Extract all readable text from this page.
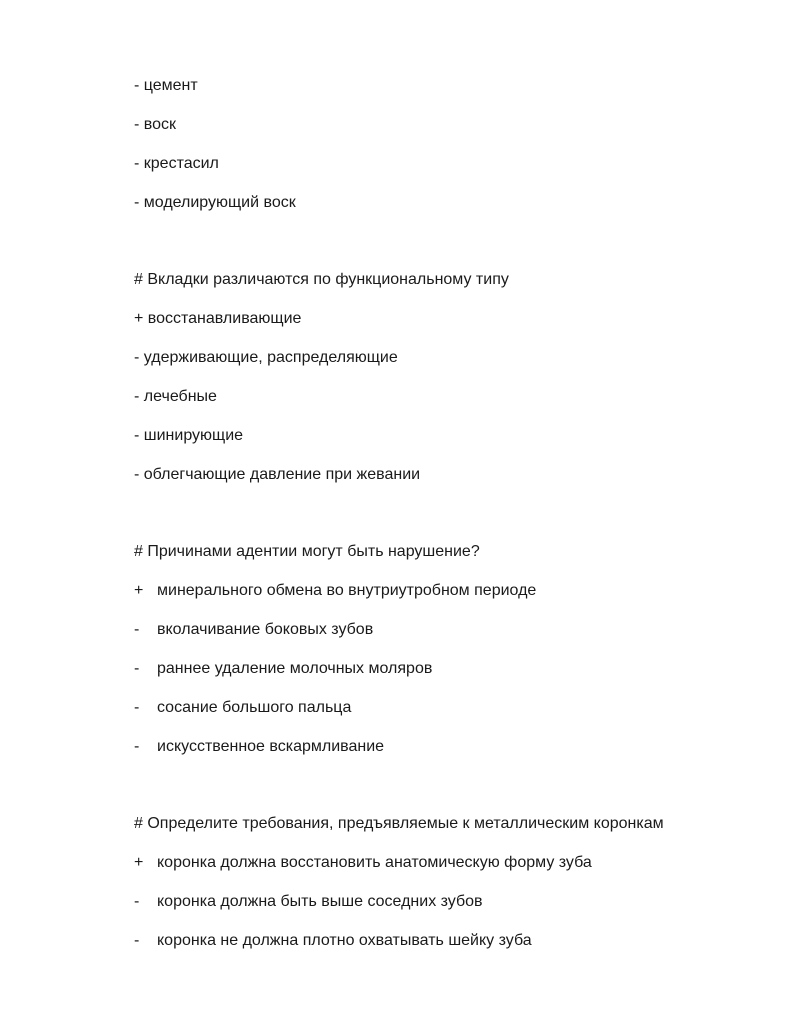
- цемент
- воск
- крестасил
- моделирующий воск
# Вкладки различаются по функциональному типу
+ восстанавливающие
- удерживающие, распределяющие
- лечебные
- шинирующие
- облегчающие давление при жевании
# Причинами адентии могут быть нарушение?
+ минерального обмена во внутриутробном периоде
- вколачивание боковых зубов
- раннее удаление молочных моляров
- сосание большого пальца
- искусственное вскармливание
# Определите требования, предъявляемые к металлическим коронкам
+ коронка должна восстановить анатомическую форму зуба
- коронка должна быть выше соседних зубов
- коронка не должна плотно охватывать шейку зуба
